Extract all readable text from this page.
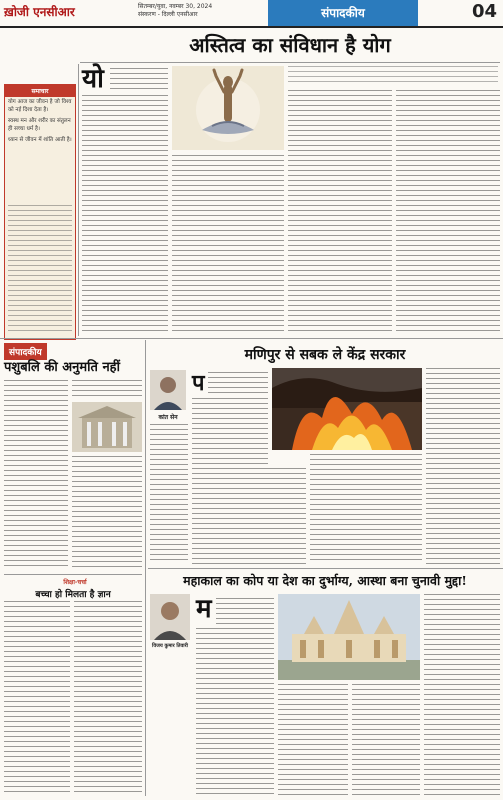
ख़ोजी एनसीआर	सितम्बर/युवा, नवम्बर 30, 2024
संस्करण - दिल्ली एनसीआर	संपादकीय	04
अस्तित्व का संविधान है योग
समाचार
योग आज का जीवन है जो विश्व को नई दिशा देता है।
स्वस्थ मन और शरीर का संतुलन ही सच्चा धर्म है।
ध्यान से जीवन में शांति आती है।
यो
संपादकीय
पशुबलि की अनुमति नहीं
शिक्षा-चर्चा
बच्चा हो मिलता है ज्ञान
मणिपुर से सबक ले केंद्र सरकार
कांत सेन
प
महाकाल का कोप या देश का दुर्भाग्य, आस्था बना चुनावी मुद्दा!
विजय कुमार तिवारी
म
